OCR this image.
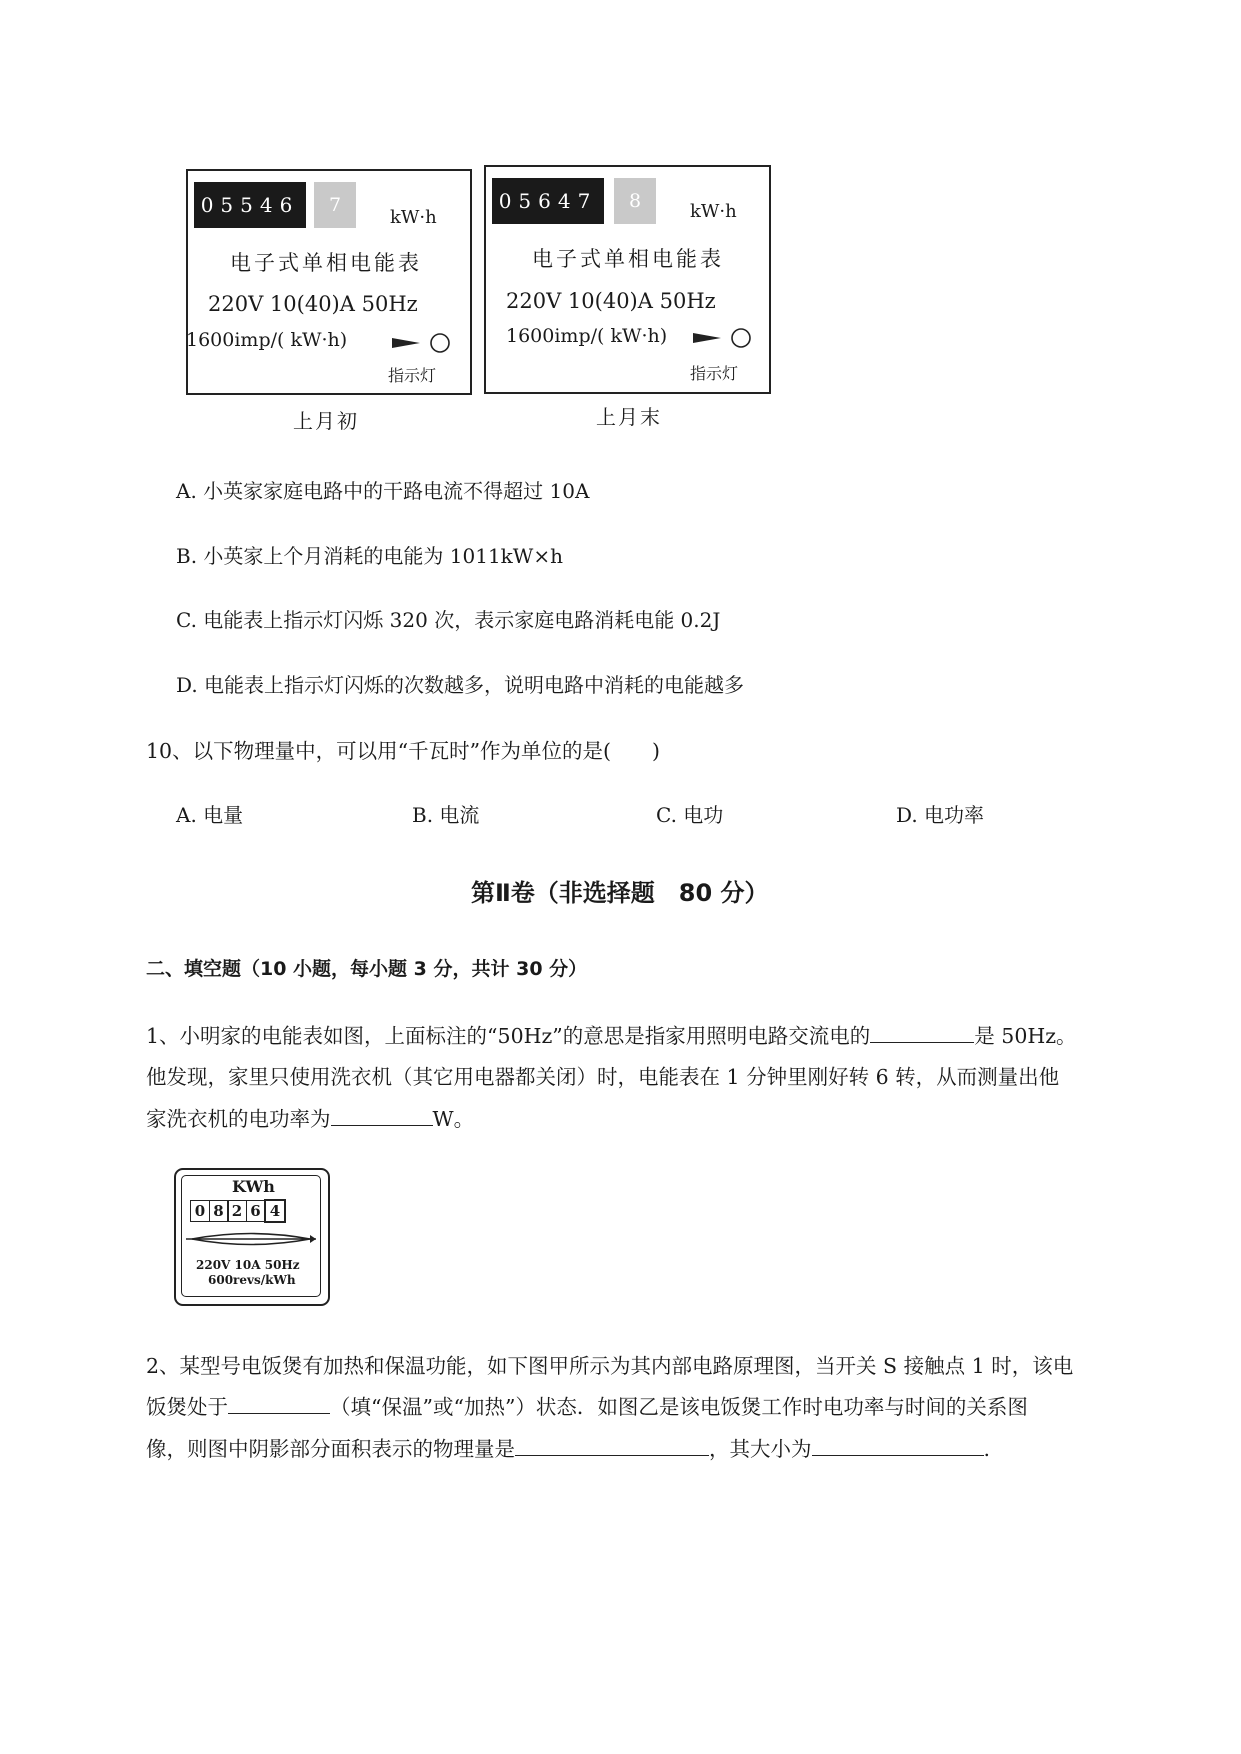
05546	7
kW·h
电子式单相电能表
220V 10(40)A 50Hz
1600imp/( kW·h)
指示灯
上月初
05647	8	kW·h
电子式单相电能表
220V 10(40)A 50Hz
1600imp/( kW·h)
指示灯
上月末
A. 小英家家庭电路中的干路电流不得超过 10A
B. 小英家上个月消耗的电能为 1011kW×h
C. 电能表上指示灯闪烁 320 次，表示家庭电路消耗电能 0.2J
D. 电能表上指示灯闪烁的次数越多，说明电路中消耗的电能越多
10、以下物理量中，可以用“千瓦时”作为单位的是(　　)
A. 电量	B. 电流	C. 电功	D. 电功率
第Ⅱ卷（非选择题　80 分）
二、填空题（10 小题，每小题 3 分，共计 30 分）
1、小明家的电能表如图，上面标注的“50Hz”的意思是指家用照明电路交流电的	是 50Hz。
他发现，家里只使用洗衣机（其它用电器都关闭）时，电能表在 1 分钟里刚好转 6 转，从而测量出他
家洗衣机的电功率为	W。
KWh
0 8 2 6 4
220V 10A 50Hz
600revs/kWh
2、某型号电饭煲有加热和保温功能，如下图甲所示为其内部电路原理图，当开关 S 接触点 1 时，该电
饭煲处于	（填“保温”或“加热”）状态．如图乙是该电饭煲工作时电功率与时间的关系图
像，则图中阴影部分面积表示的物理量是	，其大小为	.
